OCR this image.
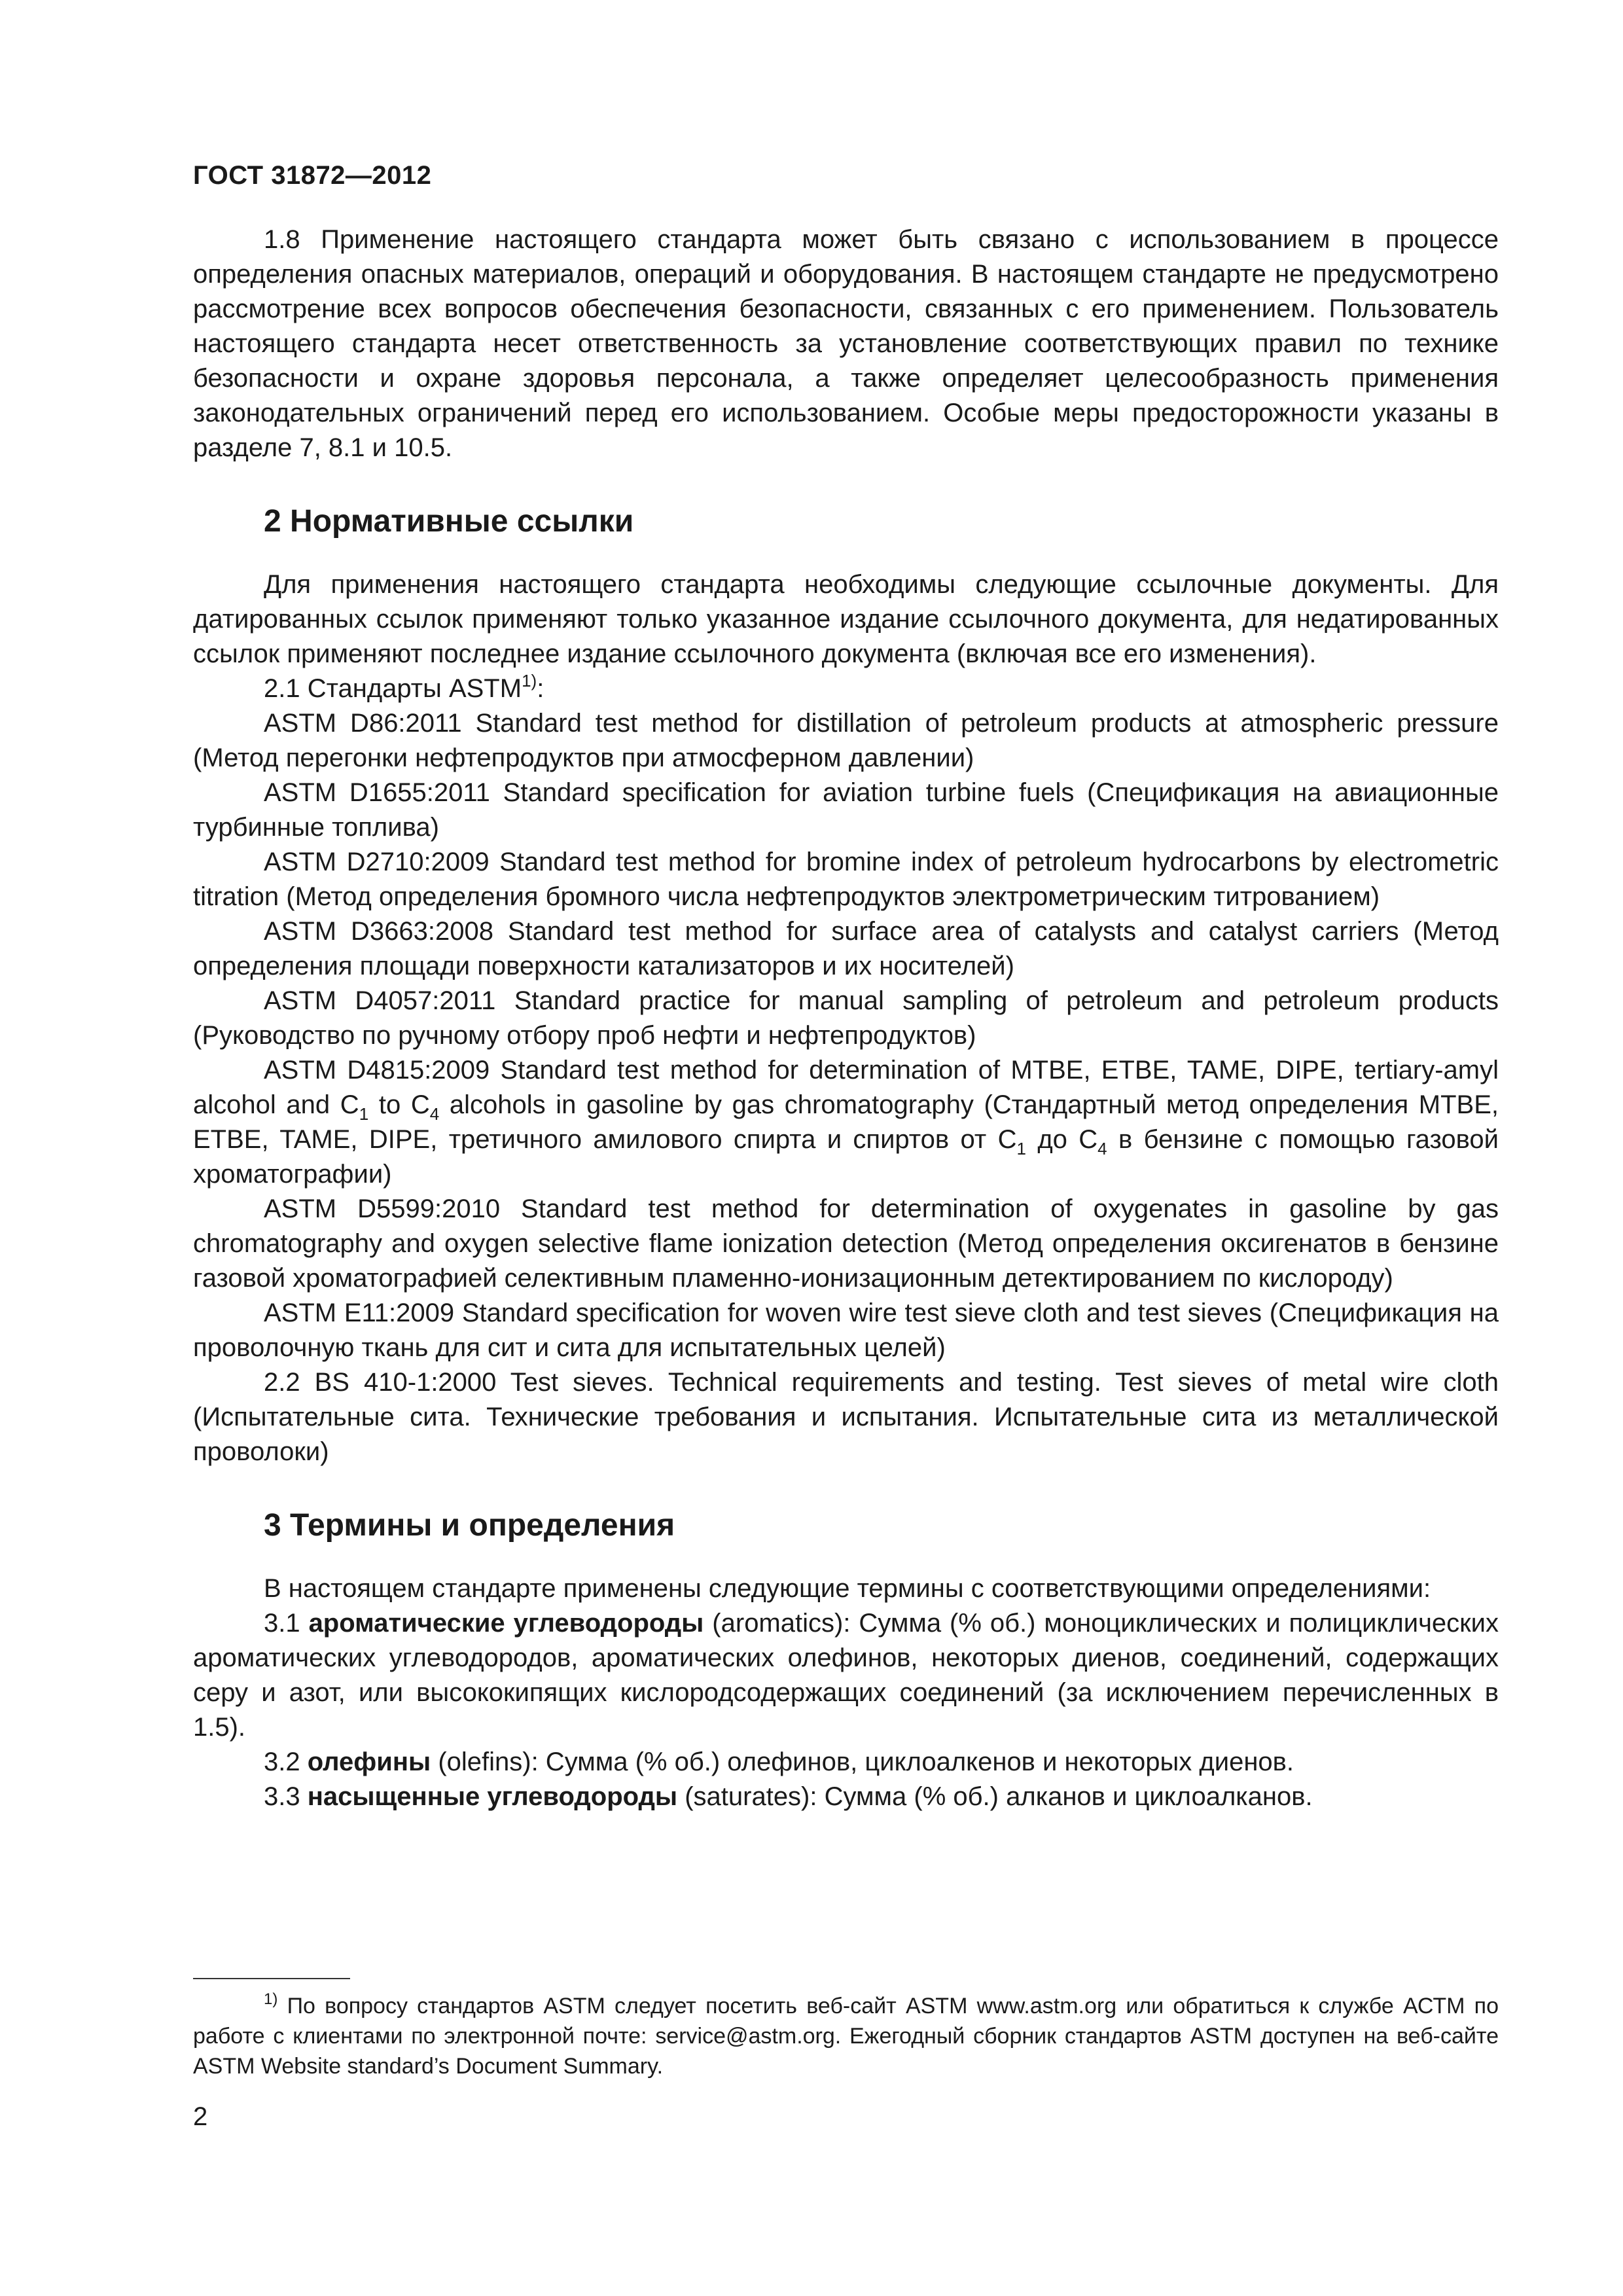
ГОСТ 31872—2012

1.8 Применение настоящего стандарта может быть связано с использованием в процессе определения опасных материалов, операций и оборудования. В настоящем стандарте не предусмотрено рассмотрение всех вопросов обеспечения безопасности, связанных с его применением. Пользователь настоящего стандарта несет ответственность за установление соответствующих правил по технике безопасности и охране здоровья персонала, а также определяет целесообразность применения законодательных ограничений перед его использованием. Особые меры предосторожности указаны в разделе 7, 8.1 и 10.5.

2 Нормативные ссылки

Для применения настоящего стандарта необходимы следующие ссылочные документы. Для датированных ссылок применяют только указанное издание ссылочного документа, для недатированных ссылок применяют последнее издание ссылочного документа (включая все его изменения).

2.1 Стандарты ASTM$^{1)}$:

ASTM D86:2011 Standard test method for distillation of petroleum products at atmospheric pressure (Метод перегонки нефтепродуктов при атмосферном давлении)

ASTM D1655:2011 Standard specification for aviation turbine fuels (Спецификация на авиационные турбинные топлива)

ASTM D2710:2009 Standard test method for bromine index of petroleum hydrocarbons by electrometric titration (Метод определения бромного числа нефтепродуктов электрометрическим титрованием)

ASTM D3663:2008 Standard test method for surface area of catalysts and catalyst carriers (Метод определения площади поверхности катализаторов и их носителей)

ASTM D4057:2011 Standard practice for manual sampling of petroleum and petroleum products (Руководство по ручному отбору проб нефти и нефтепродуктов)

ASTM D4815:2009 Standard test method for determination of MTBE, ETBE, TAME, DIPE, tertiary-amyl alcohol and $C_1$ to $C_4$ alcohols in gasoline by gas chromatography (Стандартный метод определения MTBE, ETBE, TAME, DIPE, третичного амилового спирта и спиртов от $C_1$ до $C_4$ в бензине с помощью газовой хроматографии)

ASTM D5599:2010 Standard test method for determination of oxygenates in gasoline by gas chromatography and oxygen selective flame ionization detection (Метод определения оксигенатов в бензине газовой хроматографией селективным пламенно-ионизационным детектированием по кислороду)

ASTM E11:2009 Standard specification for woven wire test sieve cloth and test sieves (Спецификация на проволочную ткань для сит и сита для испытательных целей)

2.2 BS 410-1:2000 Test sieves. Technical requirements and testing. Test sieves of metal wire cloth (Испытательные сита. Технические требования и испытания. Испытательные сита из металлической проволоки)

3 Термины и определения

В настоящем стандарте применены следующие термины с соответствующими определениями:

3.1 ароматические углеводороды (aromatics): Сумма (% об.) моноциклических и полициклических ароматических углеводородов, ароматических олефинов, некоторых диенов, соединений, содержащих серу и азот, или высококипящих кислородсодержащих соединений (за исключением перечисленных в 1.5).

3.2 олефины (olefins): Сумма (% об.) олефинов, циклоалкенов и некоторых диенов.

3.3 насыщенные углеводороды (saturates): Сумма (% об.) алканов и циклоалканов.

$^{1)}$ По вопросу стандартов ASTM следует посетить веб-сайт ASTM www.astm.org или обратиться к службе АСТМ по работе с клиентами по электронной почте: service@astm.org. Ежегодный сборник стандартов ASTM доступен на веб-сайте ASTM Website standard’s Document Summary.

2
